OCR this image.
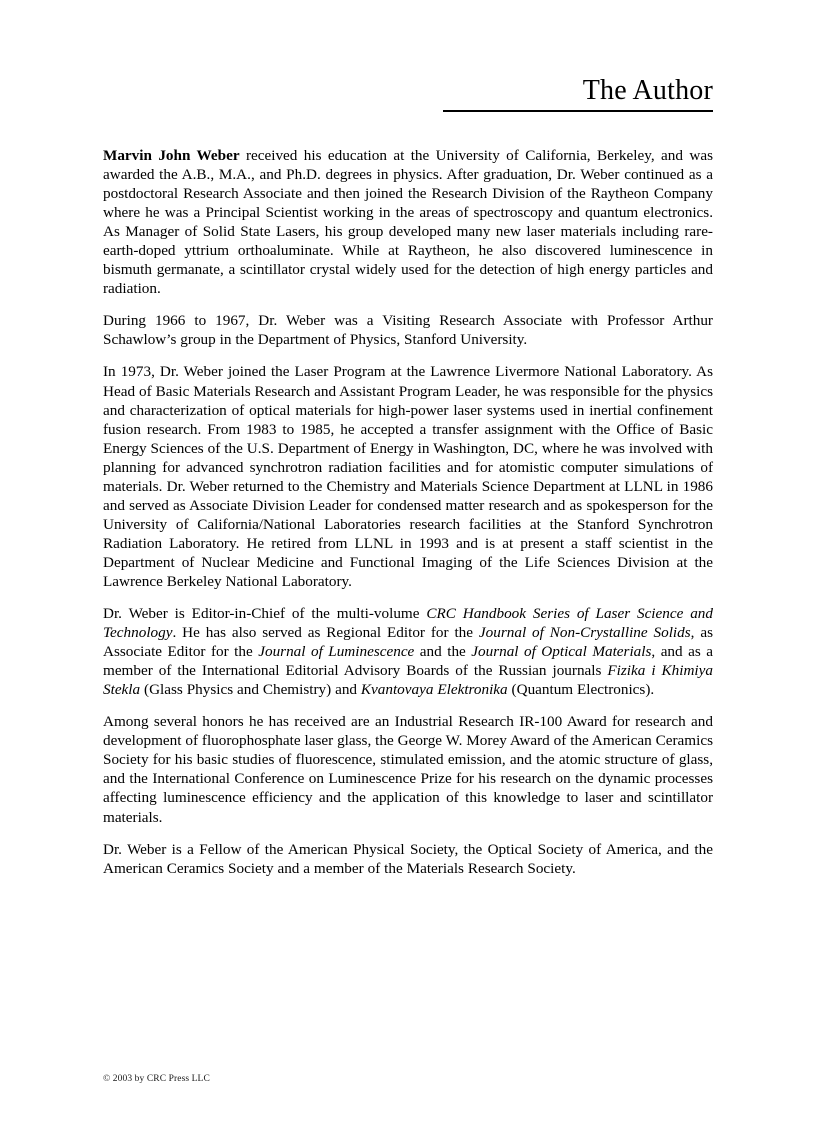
The Author

Marvin John Weber received his education at the University of California, Berkeley, and was awarded the A.B., M.A., and Ph.D. degrees in physics. After graduation, Dr. Weber continued as a postdoctoral Research Associate and then joined the Research Division of the Raytheon Company where he was a Principal Scientist working in the areas of spectroscopy and quantum electronics. As Manager of Solid State Lasers, his group developed many new laser materials including rare-earth-doped yttrium orthoaluminate. While at Raytheon, he also discovered luminescence in bismuth germanate, a scintillator crystal widely used for the detection of high energy particles and radiation.

During 1966 to 1967, Dr. Weber was a Visiting Research Associate with Professor Arthur Schawlow’s group in the Department of Physics, Stanford University.

In 1973, Dr. Weber joined the Laser Program at the Lawrence Livermore National Laboratory. As Head of Basic Materials Research and Assistant Program Leader, he was responsible for the physics and characterization of optical materials for high-power laser systems used in inertial confinement fusion research. From 1983 to 1985, he accepted a transfer assignment with the Office of Basic Energy Sciences of the U.S. Department of Energy in Washington, DC, where he was involved with planning for advanced synchrotron radiation facilities and for atomistic computer simulations of materials. Dr. Weber returned to the Chemistry and Materials Science Department at LLNL in 1986 and served as Associate Division Leader for condensed matter research and as spokesperson for the University of California/National Laboratories research facilities at the Stanford Synchrotron Radiation Laboratory. He retired from LLNL in 1993 and is at present a staff scientist in the Department of Nuclear Medicine and Functional Imaging of the Life Sciences Division at the Lawrence Berkeley National Laboratory.

Dr. Weber is Editor-in-Chief of the multi-volume CRC Handbook Series of Laser Science and Technology. He has also served as Regional Editor for the Journal of Non-Crystalline Solids, as Associate Editor for the Journal of Luminescence and the Journal of Optical Materials, and as a member of the International Editorial Advisory Boards of the Russian journals Fizika i Khimiya Stekla (Glass Physics and Chemistry) and Kvantovaya Elektronika (Quantum Electronics).

Among several honors he has received are an Industrial Research IR-100 Award for research and development of fluorophosphate laser glass, the George W. Morey Award of the American Ceramics Society for his basic studies of fluorescence, stimulated emission, and the atomic structure of glass, and the International Conference on Luminescence Prize for his research on the dynamic processes affecting luminescence efficiency and the application of this knowledge to laser and scintillator materials.

Dr. Weber is a Fellow of the American Physical Society, the Optical Society of America, and the American Ceramics Society and a member of the Materials Research Society.

© 2003 by CRC Press LLC
